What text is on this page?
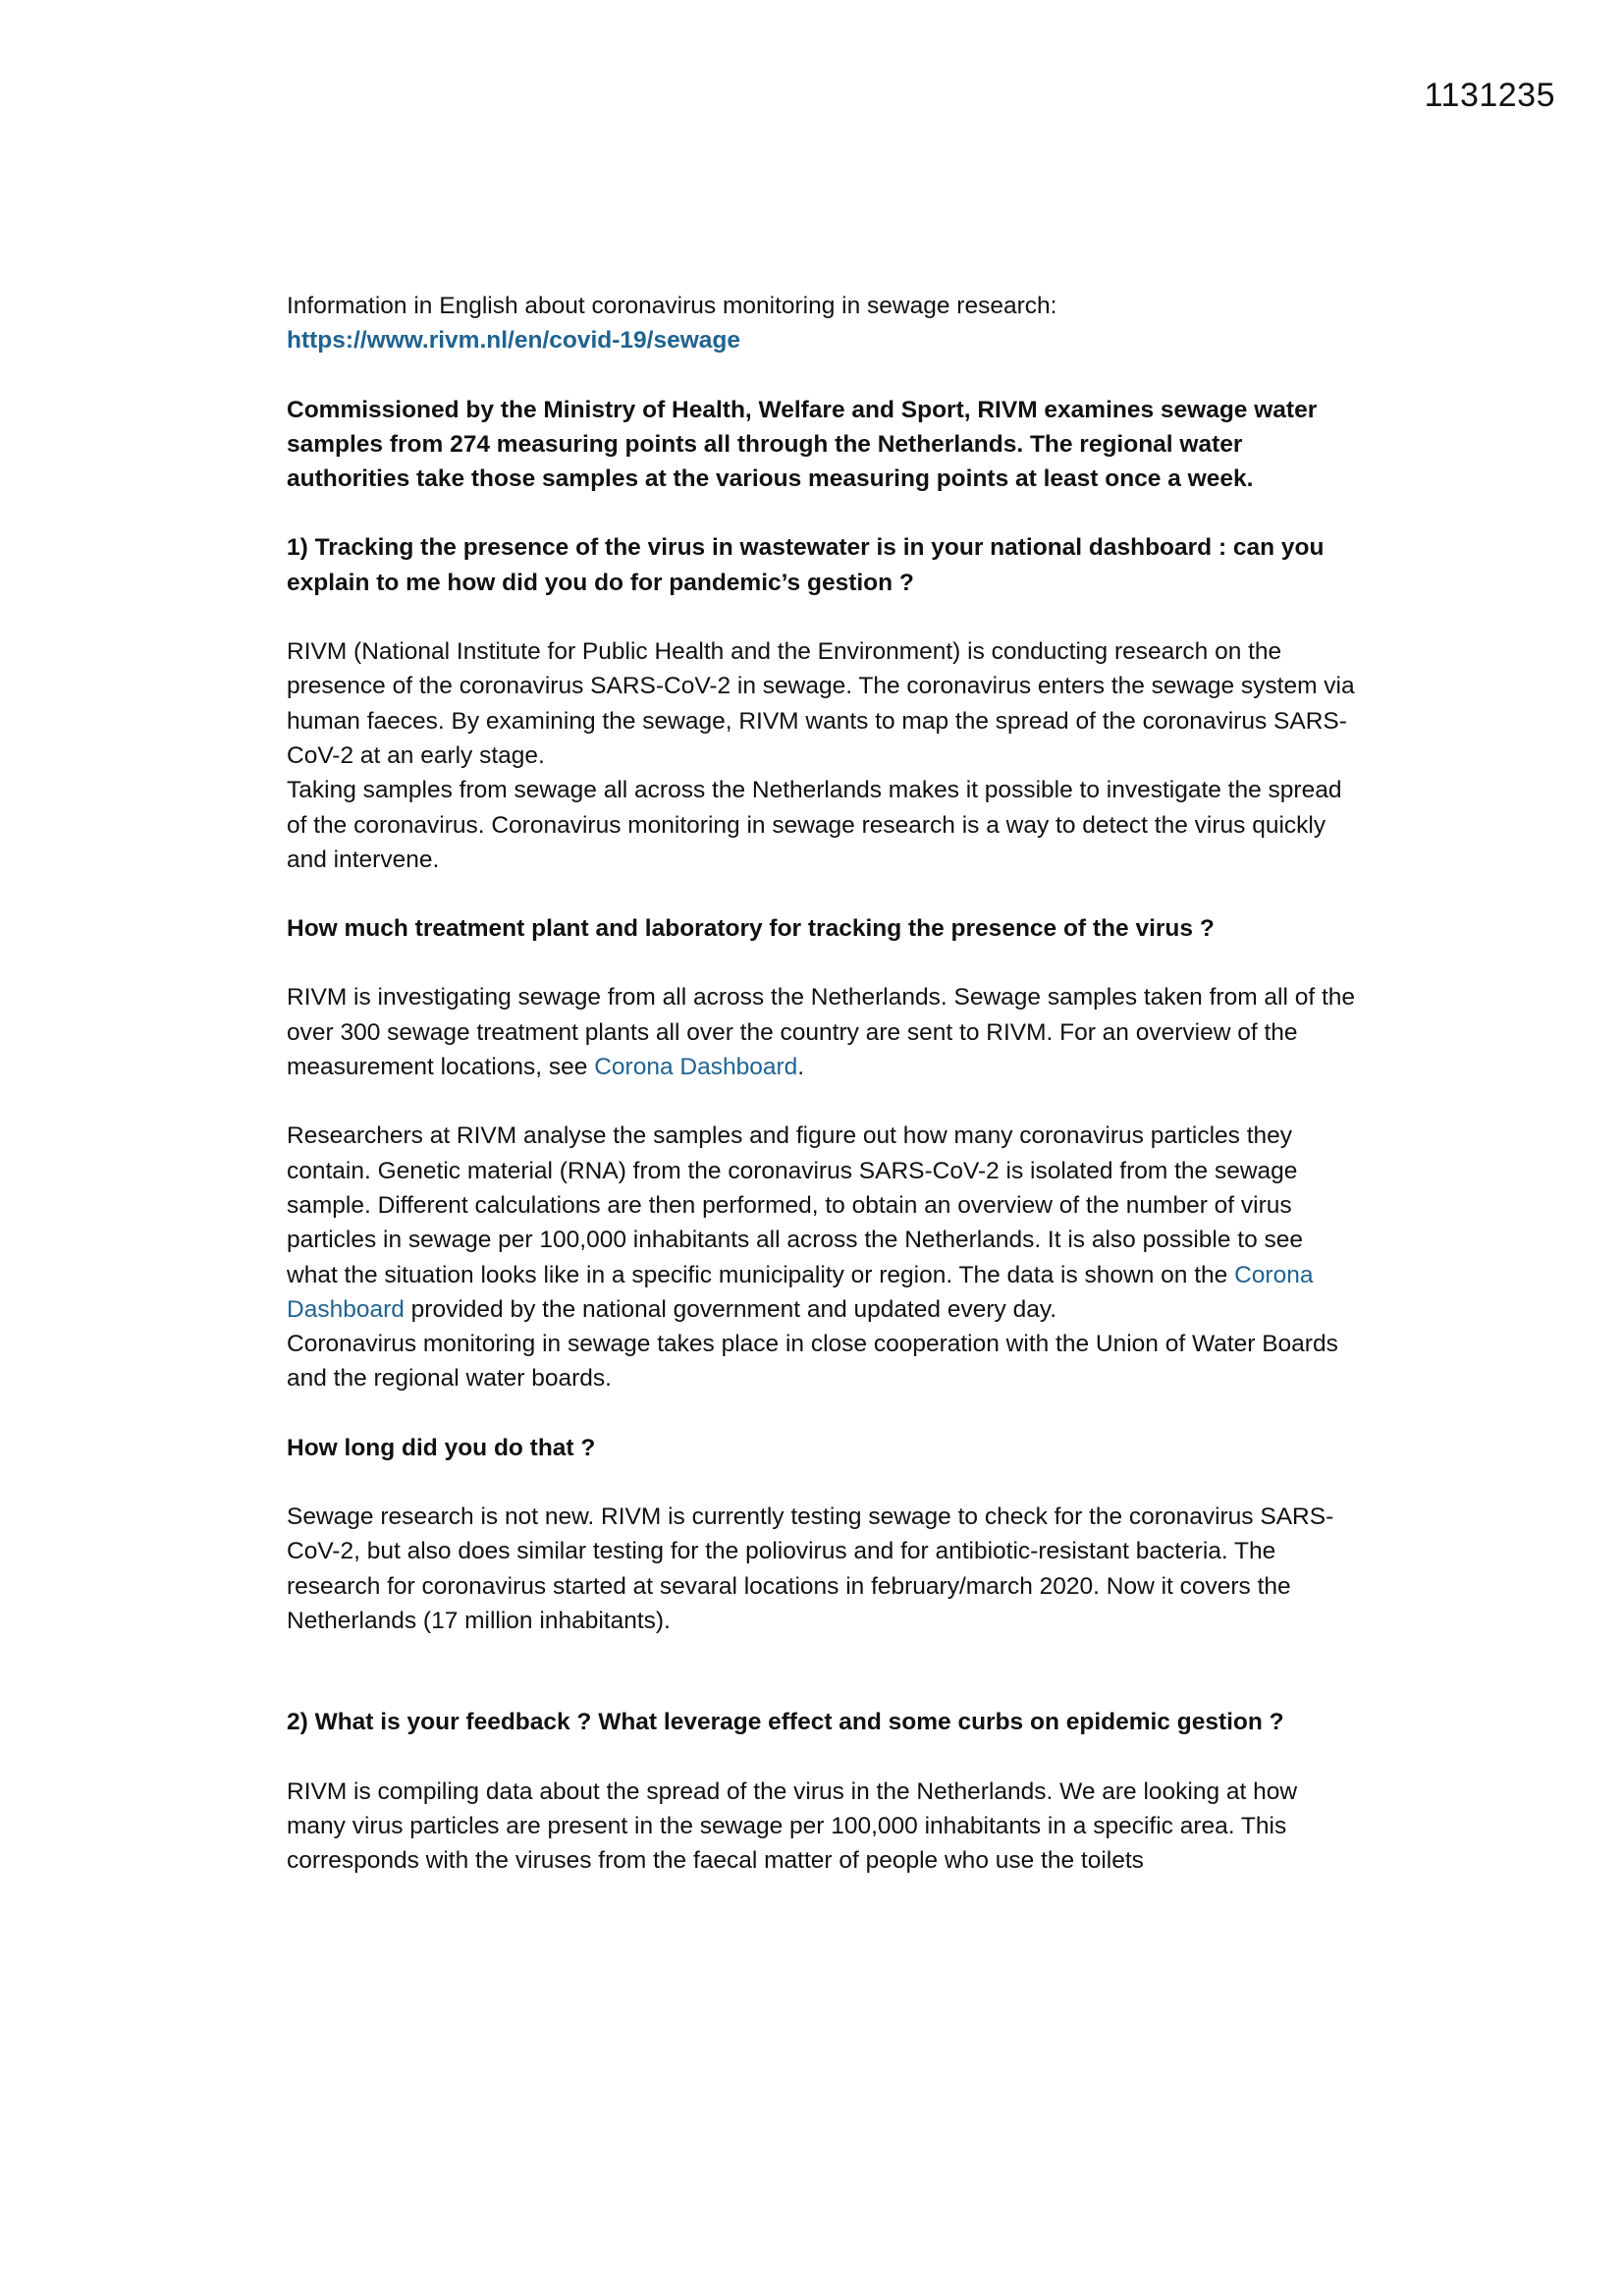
1131235

Information in English about coronavirus monitoring in sewage research:
https://www.rivm.nl/en/covid-19/sewage

Commissioned by the Ministry of Health, Welfare and Sport, RIVM examines sewage water samples from 274 measuring points all through the Netherlands. The regional water authorities take those samples at the various measuring points at least once a week.

1) Tracking the presence of the virus in wastewater is in your national dashboard : can you explain to me how did you do for pandemic’s gestion ?

RIVM (National Institute for Public Health and the Environment) is conducting research on the presence of the coronavirus SARS-CoV-2 in sewage. The coronavirus enters the sewage system via human faeces. By examining the sewage, RIVM wants to map the spread of the coronavirus SARS-CoV-2 at an early stage.
Taking samples from sewage all across the Netherlands makes it possible to investigate the spread of the coronavirus. Coronavirus monitoring in sewage research is a way to detect the virus quickly and intervene.

How much treatment plant and laboratory for tracking the presence of the virus ?

RIVM is investigating sewage from all across the Netherlands. Sewage samples taken from all of the over 300 sewage treatment plants all over the country are sent to RIVM. For an overview of the measurement locations, see Corona Dashboard.

Researchers at RIVM analyse the samples and figure out how many coronavirus particles they contain. Genetic material (RNA) from the coronavirus SARS-CoV-2 is isolated from the sewage sample. Different calculations are then performed, to obtain an overview of the number of virus particles in sewage per 100,000 inhabitants all across the Netherlands. It is also possible to see what the situation looks like in a specific municipality or region. The data is shown on the Corona Dashboard provided by the national government and updated every day.
Coronavirus monitoring in sewage takes place in close cooperation with the Union of Water Boards and the regional water boards.

How long did you do that ?

Sewage research is not new. RIVM is currently testing sewage to check for the coronavirus SARS-CoV-2, but also does similar testing for the poliovirus and for antibiotic-resistant bacteria. The research for coronavirus started at sevaral locations in february/march 2020. Now it covers the Netherlands (17 million inhabitants).

2) What is your feedback ? What leverage effect and some curbs on epidemic gestion ?

RIVM is compiling data about the spread of the virus in the Netherlands. We are looking at how many virus particles are present in the sewage per 100,000 inhabitants in a specific area. This corresponds with the viruses from the faecal matter of people who use the toilets
